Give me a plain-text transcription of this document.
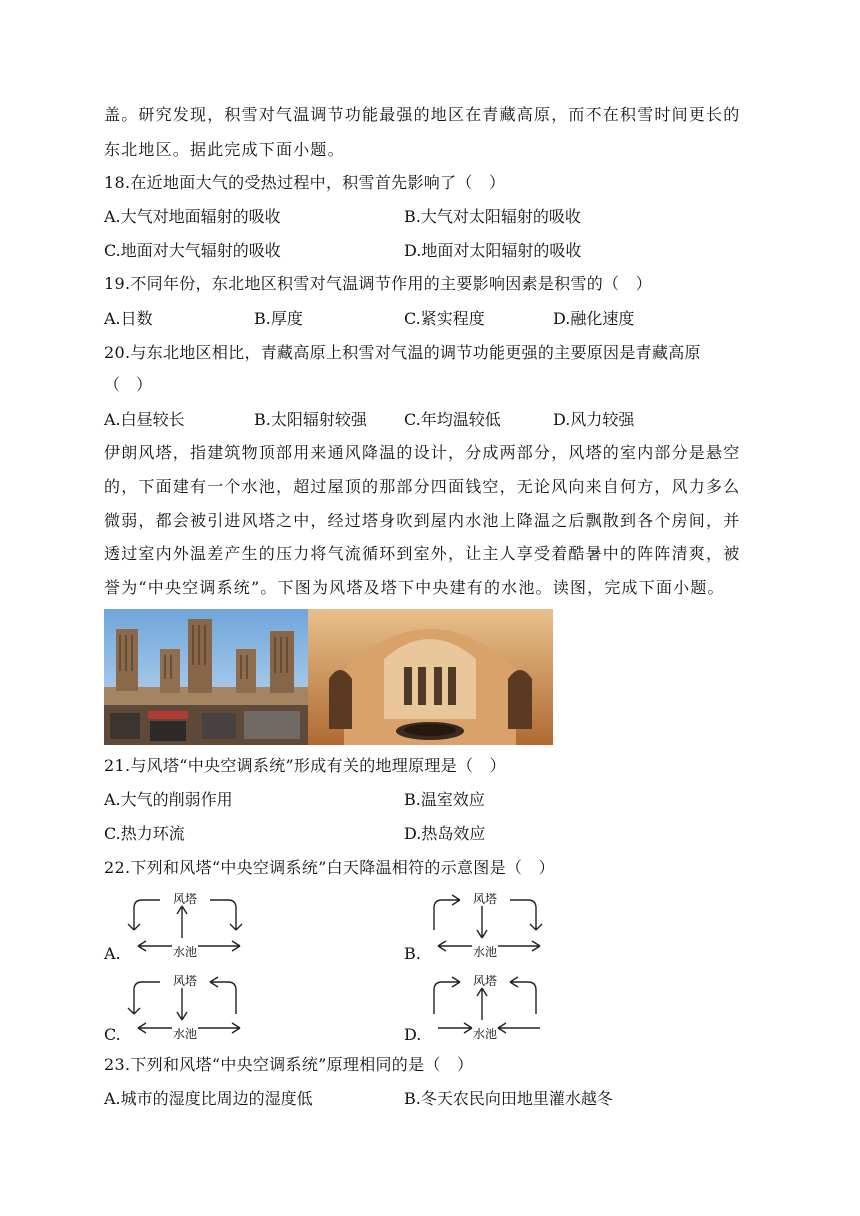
盖。研究发现，积雪对气温调节功能最强的地区在青藏高原，而不在积雪时间更长的
东北地区。据此完成下面小题。
18.在近地面大气的受热过程中，积雪首先影响了（　）
A.大气对地面辐射的吸收	B.大气对太阳辐射的吸收
C.地面对大气辐射的吸收	D.地面对太阳辐射的吸收
19.不同年份，东北地区积雪对气温调节作用的主要影响因素是积雪的（　）
A.日数	B.厚度	C.紧实程度	D.融化速度
20.与东北地区相比，青藏高原上积雪对气温的调节功能更强的主要原因是青藏高原
（　）
A.白昼较长	B.太阳辐射较强 C.年均温较低	D.风力较强
伊朗风塔，指建筑物顶部用来通风降温的设计，分成两部分，风塔的室内部分是悬空
的，下面建有一个水池，超过屋顶的那部分四面钱空，无论风向来自何方，风力多么
微弱，都会被引进风塔之中，经过塔身吹到屋内水池上降温之后飘散到各个房间，并
透过室内外温差产生的压力将气流循环到室外，让主人享受着酷暑中的阵阵清爽，被
誉为“中央空调系统”。下图为风塔及塔下中央建有的水池。读图，完成下面小题。
21.与风塔“中央空调系统”形成有关的地理原理是（　）
A.大气的削弱作用	B.温室效应
C.热力环流	D.热岛效应
22.下列和风塔“中央空调系统”白天降温相符的示意图是（　）
A.	B.
C.	D.
风塔
水池
风塔
水池
风塔
水池
风塔
水池
23.下列和风塔“中央空调系统”原理相同的是（　）
A.城市的湿度比周边的湿度低	B.冬天农民向田地里灌水越冬
